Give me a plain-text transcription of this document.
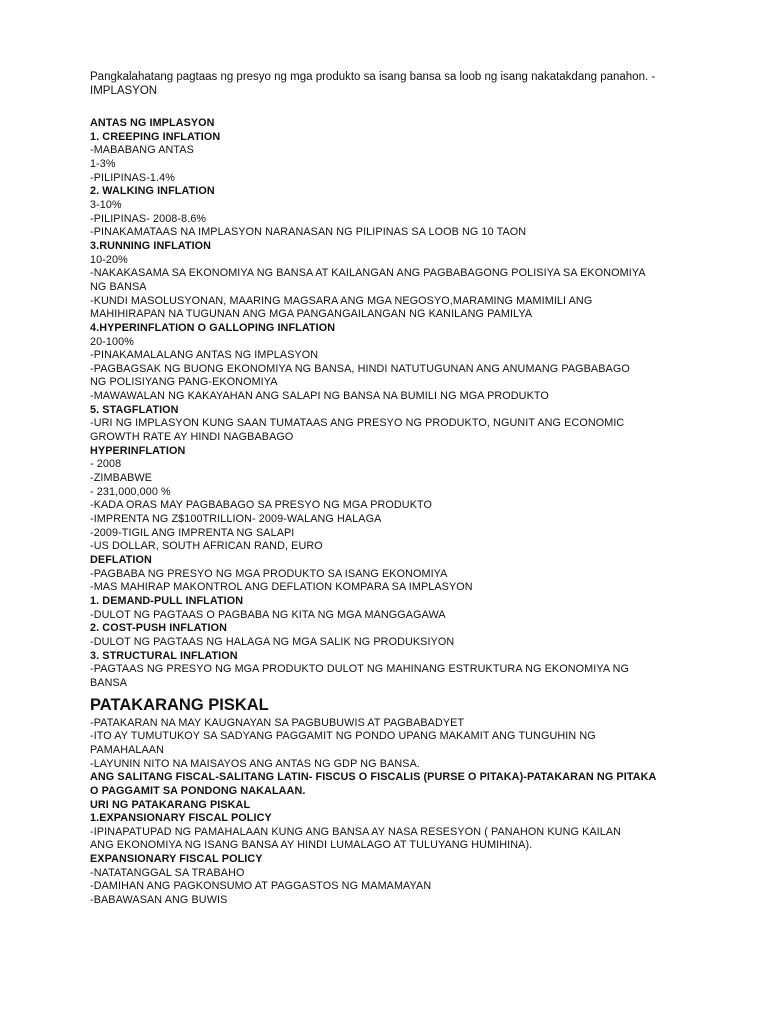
Pangkalahatang pagtaas ng presyo ng mga produkto sa isang bansa sa loob ng isang nakatakdang panahon. -IMPLASYON

ANTAS NG IMPLASYON

1. CREEPING INFLATION

-MABABANG ANTAS

1-3%

-PILIPINAS-1.4%

2. WALKING INFLATION

3-10%

-PILIPINAS- 2008-8.6%

-PINAKAMATAAS NA IMPLASYON NARANASAN NG PILIPINAS SA LOOB NG 10 TAON

3.RUNNING INFLATION

10-20%

-NAKAKASAMA SA EKONOMIYA NG BANSA AT KAILANGAN ANG PAGBABAGONG POLISIYA SA EKONOMIYA

NG BANSA

-KUNDI MASOLUSYONAN, MAARING MAGSARA ANG MGA NEGOSYO,MARAMING MAMIMILI ANG

MAHIHIRAPAN NA TUGUNAN ANG MGA PANGANGAILANGAN NG KANILANG PAMILYA

4.HYPERINFLATION O GALLOPING INFLATION

20-100%

-PINAKAMALALANG ANTAS NG IMPLASYON

-PAGBAGSAK NG BUONG EKONOMIYA NG BANSA, HINDI NATUTUGUNAN ANG ANUMANG PAGBABAGO

NG POLISIYANG PANG-EKONOMIYA

-MAWAWALAN NG KAKAYAHAN ANG SALAPI NG BANSA NA BUMILI NG MGA PRODUKTO

5. STAGFLATION

-URI NG IMPLASYON KUNG SAAN TUMATAAS ANG PRESYO NG PRODUKTO, NGUNIT ANG ECONOMIC

GROWTH RATE AY HINDI NAGBABAGO

HYPERINFLATION

- 2008

-ZIMBABWE

- 231,000,000 %

-KADA ORAS MAY PAGBABAGO SA PRESYO NG MGA PRODUKTO

-IMPRENTA NG Z$100TRILLION- 2009-WALANG HALAGA

-2009-TIGIL ANG IMPRENTA NG SALAPI

-US DOLLAR, SOUTH AFRICAN RAND, EURO

DEFLATION

-PAGBABA NG PRESYO NG MGA PRODUKTO SA ISANG EKONOMIYA

-MAS MAHIRAP MAKONTROL ANG DEFLATION KOMPARA SA IMPLASYON

1. DEMAND-PULL INFLATION

-DULOT NG PAGTAAS O PAGBABA NG KITA NG MGA MANGGAGAWA

2. COST-PUSH INFLATION

-DULOT NG PAGTAAS NG HALAGA NG MGA SALIK NG PRODUKSIYON

3. STRUCTURAL INFLATION

-PAGTAAS NG PRESYO NG MGA PRODUKTO DULOT NG MAHINANG ESTRUKTURA NG EKONOMIYA NG

BANSA

PATAKARANG PISKAL

-PATAKARAN NA MAY KAUGNAYAN SA PAGBUBUWIS AT PAGBABADYET

-ITO AY TUMUTUKOY SA SADYANG PAGGAMIT NG PONDO UPANG MAKAMIT ANG TUNGUHIN NG

PAMAHALAAN

-LAYUNIN NITO NA MAISAYOS ANG ANTAS NG GDP NG BANSA.

ANG SALITANG FISCAL-SALITANG LATIN- FISCUS O FISCALIS (PURSE O PITAKA)-PATAKARAN NG PITAKA

O PAGGAMIT SA PONDONG NAKALAAN.

URI NG PATAKARANG PISKAL

1.EXPANSIONARY FISCAL POLICY

-IPINAPATUPAD NG PAMAHALAAN KUNG ANG BANSA AY NASA RESESYON ( PANAHON KUNG KAILAN

ANG EKONOMIYA NG ISANG BANSA AY HINDI LUMALAGO AT TULUYANG HUMIHINA).

EXPANSIONARY FISCAL POLICY

-NATATANGGAL SA TRABAHO

-DAMIHAN ANG PAGKONSUMO AT PAGGASTOS NG MAMAMAYAN

-BABAWASAN ANG BUWIS
